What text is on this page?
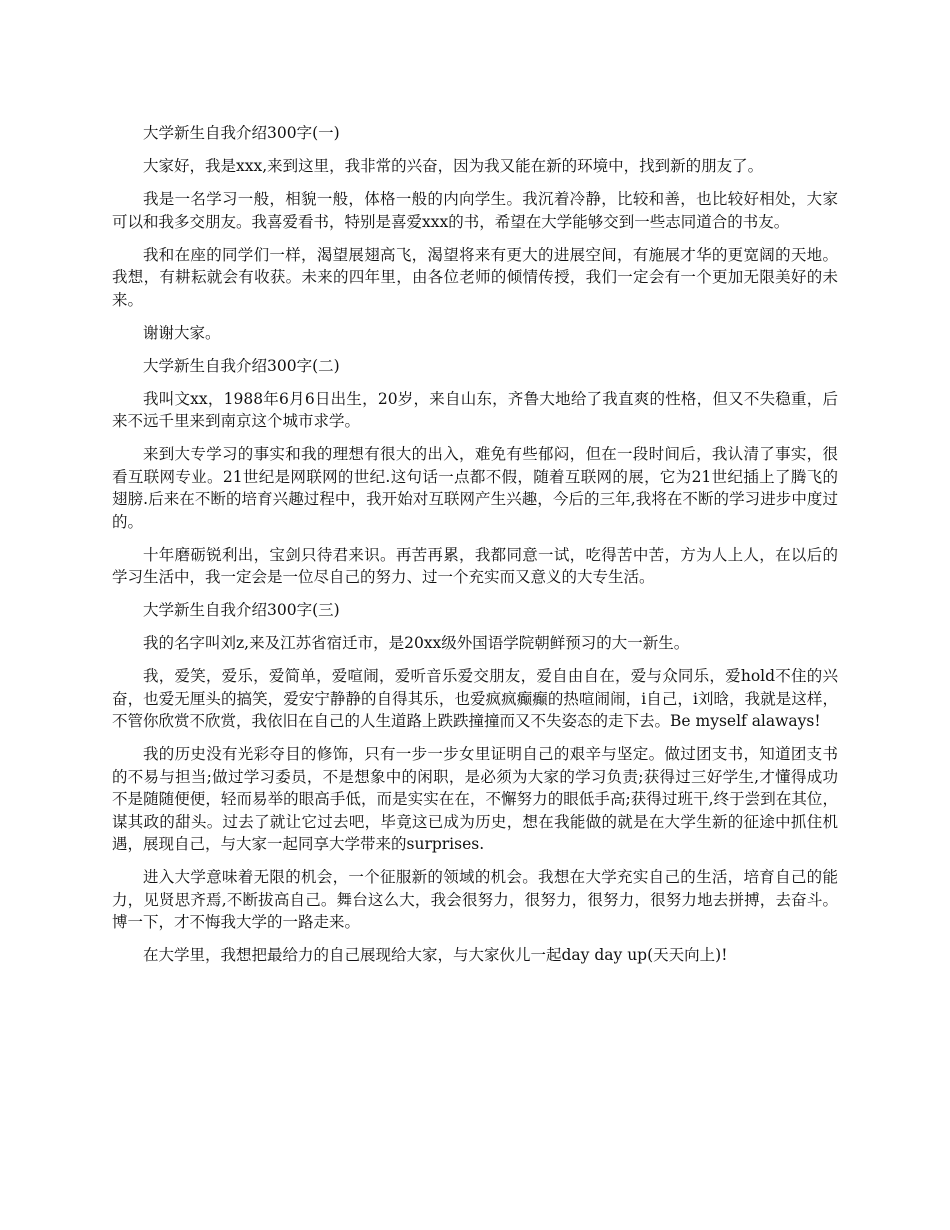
大学新生自我介绍300字(一)

大家好，我是xxx,来到这里，我非常的兴奋，因为我又能在新的环境中，找到新的朋友了。

我是一名学习一般，相貌一般，体格一般的内向学生。我沉着冷静，比较和善，也比较好相处，大家可以和我多交朋友。我喜爱看书，特别是喜爱xxx的书，希望在大学能够交到一些志同道合的书友。

我和在座的同学们一样，渴望展翅高飞，渴望将来有更大的进展空间，有施展才华的更宽阔的天地。我想，有耕耘就会有收获。未来的四年里，由各位老师的倾情传授，我们一定会有一个更加无限美好的未来。

谢谢大家。

大学新生自我介绍300字(二)

我叫文xx，1988年6月6日出生，20岁，来自山东，齐鲁大地给了我直爽的性格，但又不失稳重，后来不远千里来到南京这个城市求学。

来到大专学习的事实和我的理想有很大的出入，难免有些郁闷，但在一段时间后，我认清了事实，很看互联网专业。21世纪是网联网的世纪.这句话一点都不假，随着互联网的展，它为21世纪插上了腾飞的翅膀.后来在不断的培育兴趣过程中，我开始对互联网产生兴趣，今后的三年,我将在不断的学习进步中度过的。

十年磨砺锐利出，宝剑只待君来识。再苦再累，我都同意一试，吃得苦中苦，方为人上人，在以后的学习生活中，我一定会是一位尽自己的努力、过一个充实而又意义的大专生活。

大学新生自我介绍300字(三)

我的名字叫刘z,来及江苏省宿迁市，是20xx级外国语学院朝鲜预习的大一新生。

我，爱笑，爱乐，爱简单，爱喧闹，爱听音乐爱交朋友，爱自由自在，爱与众同乐，爱hold不住的兴奋，也爱无厘头的搞笑，爱安宁静静的自得其乐，也爱疯疯癫癫的热喧闹闹，i自己，i刘晗，我就是这样，不管你欣赏不欣赏，我依旧在自己的人生道路上跌跌撞撞而又不失姿态的走下去。Be myself alaways!

我的历史没有光彩夺目的修饰，只有一步一步女里证明自己的艰辛与坚定。做过团支书，知道团支书的不易与担当;做过学习委员，不是想象中的闲职，是必须为大家的学习负责;获得过三好学生,才懂得成功不是随随便便，轻而易举的眼高手低，而是实实在在，不懈努力的眼低手高;获得过班干,终于尝到在其位，谋其政的甜头。过去了就让它过去吧，毕竟这已成为历史，想在我能做的就是在大学生新的征途中抓住机遇，展现自己，与大家一起同享大学带来的surprises.

进入大学意味着无限的机会，一个征服新的领域的机会。我想在大学充实自己的生活，培育自己的能力，见贤思齐焉,不断拔高自己。舞台这么大，我会很努力，很努力，很努力，很努力地去拼搏，去奋斗。博一下，才不悔我大学的一路走来。

在大学里，我想把最给力的自己展现给大家，与大家伙儿一起day day up(天天向上)!
